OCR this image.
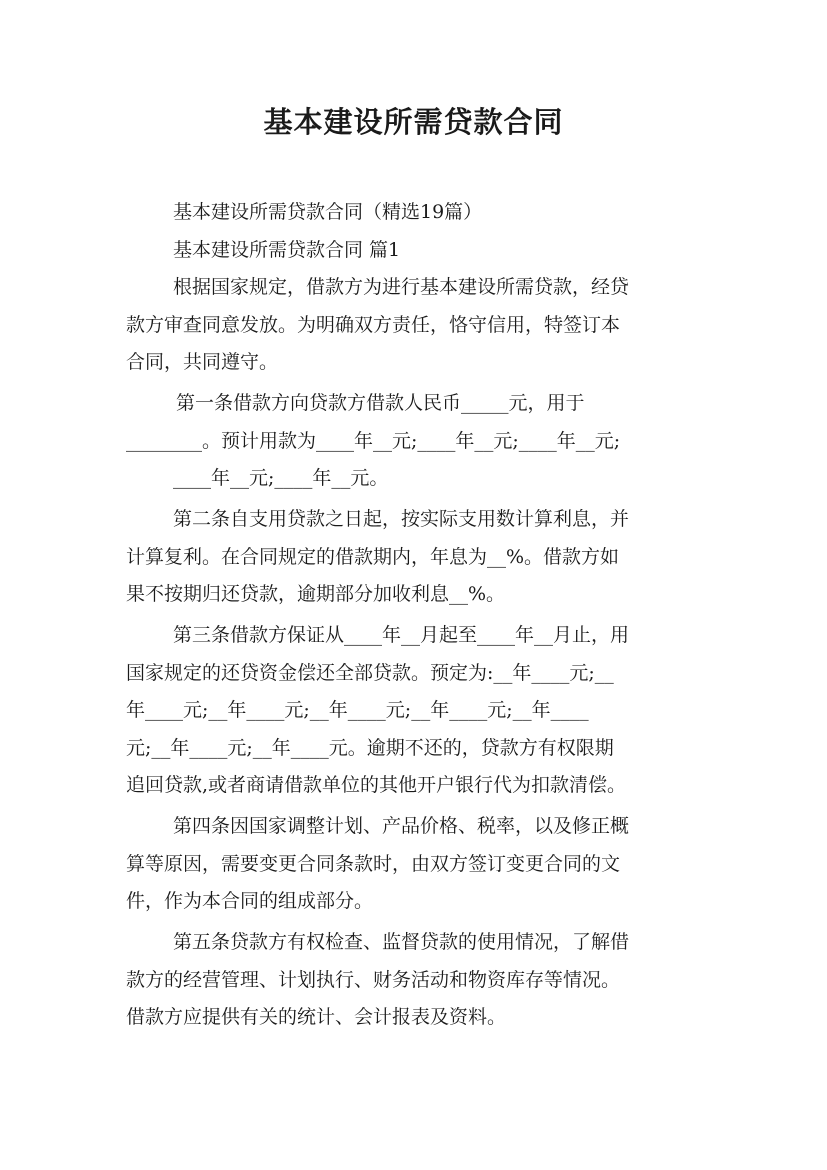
基本建设所需贷款合同
基本建设所需贷款合同（精选19篇）
基本建设所需贷款合同 篇1
根据国家规定，借款方为进行基本建设所需贷款，经贷
款方审查同意发放。为明确双方责任，恪守信用，特签订本
合同，共同遵守。
第一条借款方向贷款方借款人民币_____元，用于
________。预计用款为____年__元;____年__元;____年__元;
____年__元;____年__元。
第二条自支用贷款之日起，按实际支用数计算利息，并
计算复利。在合同规定的借款期内，年息为__%。借款方如
果不按期归还贷款，逾期部分加收利息__%。
第三条借款方保证从____年__月起至____年__月止，用
国家规定的还贷资金偿还全部贷款。预定为:__年____元;__
年____元;__年____元;__年____元;__年____元;__年____
元;__年____元;__年____元。逾期不还的，贷款方有权限期
追回贷款,或者商请借款单位的其他开户银行代为扣款清偿。
第四条因国家调整计划、产品价格、税率，以及修正概
算等原因，需要变更合同条款时，由双方签订变更合同的文
件，作为本合同的组成部分。
第五条贷款方有权检查、监督贷款的使用情况，了解借
款方的经营管理、计划执行、财务活动和物资库存等情况。
借款方应提供有关的统计、会计报表及资料。
